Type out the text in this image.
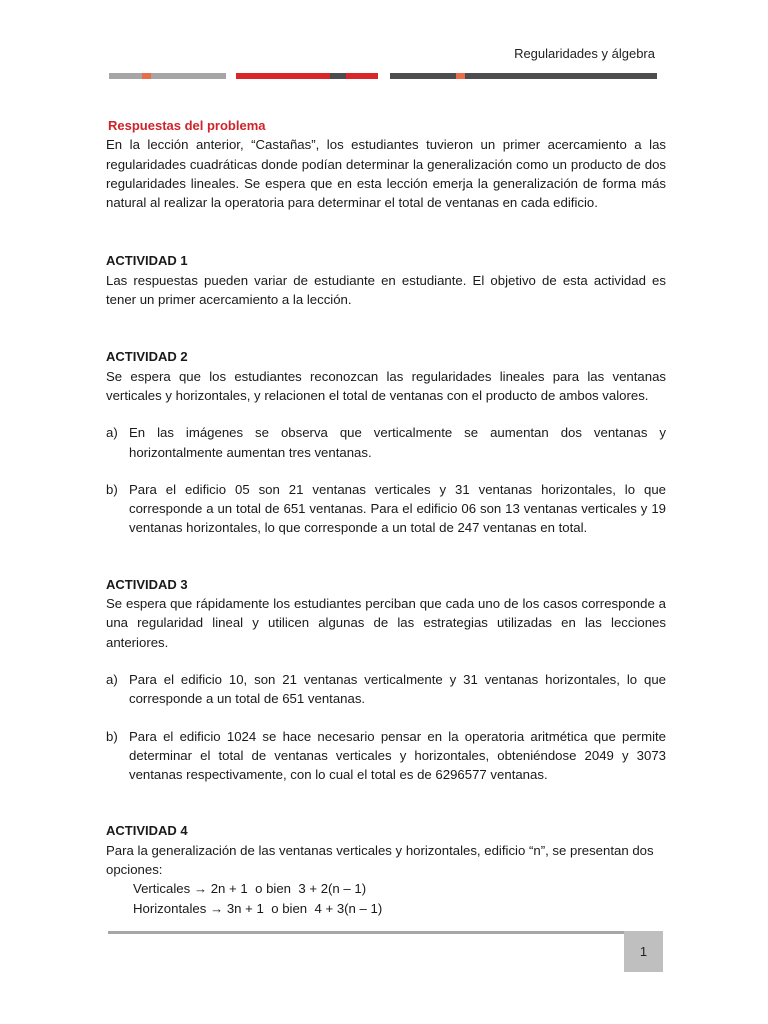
Regularidades y álgebra

Respuestas del problema

En la lección anterior, “Castañas”, los estudiantes tuvieron un primer acercamiento a las regularidades cuadráticas donde podían determinar la generalización como un producto de dos regularidades lineales. Se espera que en esta lección emerja la generalización de forma más natural al realizar la operatoria para determinar el total de ventanas en cada edificio.

ACTIVIDAD 1

Las respuestas pueden variar de estudiante en estudiante. El objetivo de esta actividad es tener un primer acercamiento a la lección.

ACTIVIDAD 2

Se espera que los estudiantes reconozcan las regularidades lineales para las ventanas verticales y horizontales, y relacionen el total de ventanas con el producto de ambos valores.

a) En las imágenes se observa que verticalmente se aumentan dos ventanas y horizontalmente aumentan tres ventanas.
b) Para el edificio 05 son 21 ventanas verticales y 31 ventanas horizontales, lo que corresponde a un total de 651 ventanas. Para el edificio 06 son 13 ventanas verticales y 19 ventanas horizontales, lo que corresponde a un total de 247 ventanas en total.

ACTIVIDAD 3

Se espera que rápidamente los estudiantes perciban que cada uno de los casos corresponde a una regularidad lineal y utilicen algunas de las estrategias utilizadas en las lecciones anteriores.

a) Para el edificio 10, son 21 ventanas verticalmente y 31 ventanas horizontales, lo que corresponde a un total de 651 ventanas.
b) Para el edificio 1024 se hace necesario pensar en la operatoria aritmética que permite determinar el total de ventanas verticales y horizontales, obteniéndose 2049 y 3073 ventanas respectivamente, con lo cual el total es de 6296577 ventanas.

ACTIVIDAD 4

Para la generalización de las ventanas verticales y horizontales, edificio “n”, se presentan dos opciones:

Verticales → 2n + 1  o bien  3 + 2(n – 1)

Horizontales → 3n + 1  o bien  4 + 3(n – 1)

1
